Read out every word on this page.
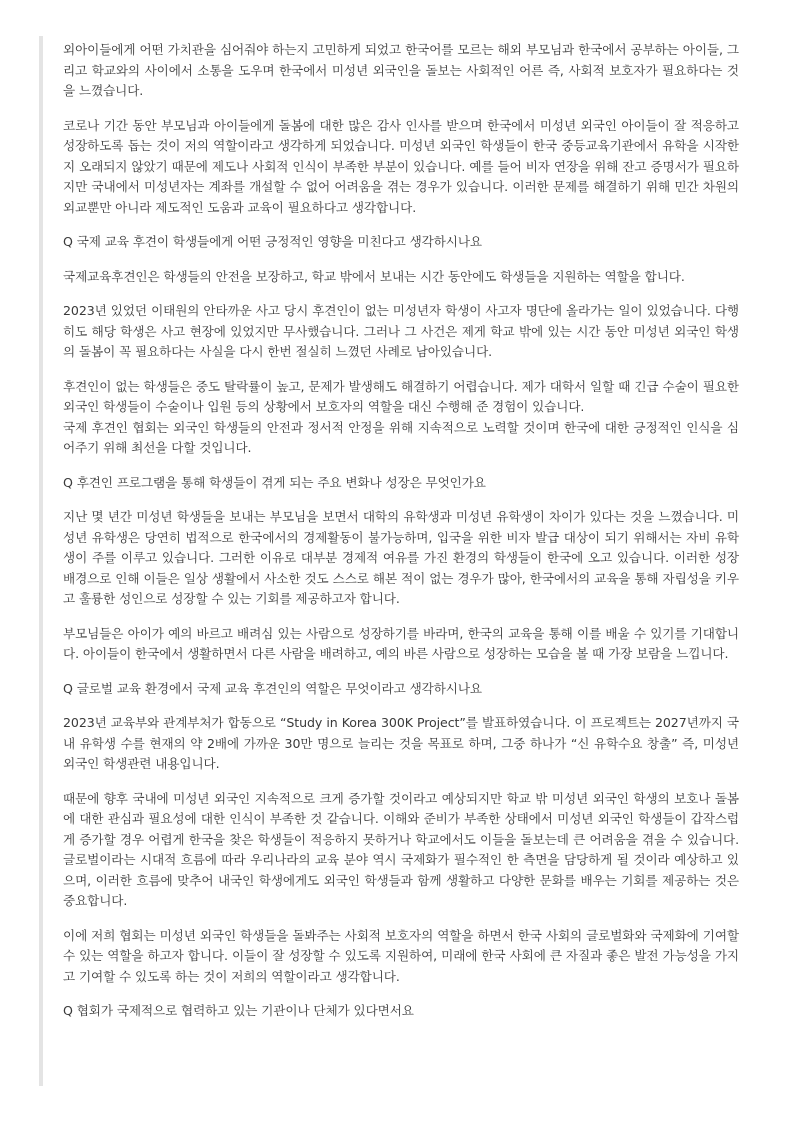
외아이들에게 어떤 가치관을 심어줘야 하는지 고민하게 되었고 한국어를 모르는 해외 부모님과 한국에서 공부하는 아이들, 그리고 학교와의 사이에서 소통을 도우며 한국에서 미성년 외국인을 돌보는 사회적인 어른 즉, 사회적 보호자가 필요하다는 것을 느꼈습니다.

코로나 기간 동안 부모님과 아이들에게 돌봄에 대한 많은 감사 인사를 받으며 한국에서 미성년 외국인 아이들이 잘 적응하고 성장하도록 돕는 것이 저의 역할이라고 생각하게 되었습니다. 미성년 외국인 학생들이 한국 중등교육기관에서 유학을 시작한 지 오래되지 않았기 때문에 제도나 사회적 인식이 부족한 부분이 있습니다. 예를 들어 비자 연장을 위해 잔고 증명서가 필요하지만 국내에서 미성년자는 계좌를 개설할 수 없어 어려움을 겪는 경우가 있습니다. 이러한 문제를 해결하기 위해 민간 차원의 외교뿐만 아니라 제도적인 도움과 교육이 필요하다고 생각합니다.

Q 국제 교육 후견이 학생들에게 어떤 긍정적인 영향을 미친다고 생각하시나요

국제교육후견인은 학생들의 안전을 보장하고, 학교 밖에서 보내는 시간 동안에도 학생들을 지원하는 역할을 합니다.

2023년 있었던 이태원의 안타까운 사고 당시 후견인이 없는 미성년자 학생이 사고자 명단에 올라가는 일이 있었습니다. 다행히도 해당 학생은 사고 현장에 있었지만 무사했습니다. 그러나 그 사건은 제게 학교 밖에 있는 시간 동안 미성년 외국인 학생의 돌봄이 꼭 필요하다는 사실을 다시 한번 절실히 느꼈던 사례로 남아있습니다.

후견인이 없는 학생들은 중도 탈락률이 높고, 문제가 발생해도 해결하기 어렵습니다. 제가 대학서 일할 때 긴급 수술이 필요한 외국인 학생들이 수술이나 입원 등의 상황에서 보호자의 역할을 대신 수행해 준 경험이 있습니다.
국제 후견인 협회는 외국인 학생들의 안전과 정서적 안정을 위해 지속적으로 노력할 것이며 한국에 대한 긍정적인 인식을 심어주기 위해 최선을 다할 것입니다.

Q 후견인 프로그램을 통해 학생들이 겪게 되는 주요 변화나 성장은 무엇인가요

지난 몇 년간 미성년 학생들을 보내는 부모님을 보면서 대학의 유학생과 미성년 유학생이 차이가 있다는 것을 느꼈습니다. 미성년 유학생은 당연히 법적으로 한국에서의 경제활동이 불가능하며, 입국을 위한 비자 발급 대상이 되기 위해서는 자비 유학생이 주를 이루고 있습니다. 그러한 이유로 대부분 경제적 여유를 가진 환경의 학생들이 한국에 오고 있습니다. 이러한 성장 배경으로 인해 이들은 일상 생활에서 사소한 것도 스스로 해본 적이 없는 경우가 많아, 한국에서의 교육을 통해 자립성을 키우고 훌륭한 성인으로 성장할 수 있는 기회를 제공하고자 합니다.

부모님들은 아이가 예의 바르고 배려심 있는 사람으로 성장하기를 바라며, 한국의 교육을 통해 이를 배울 수 있기를 기대합니다. 아이들이 한국에서 생활하면서 다른 사람을 배려하고, 예의 바른 사람으로 성장하는 모습을 볼 때 가장 보람을 느낍니다.

Q 글로벌 교육 환경에서 국제 교육 후견인의 역할은 무엇이라고 생각하시나요

2023년 교육부와 관계부처가 합동으로 “Study in Korea 300K Project”를 발표하였습니다. 이 프로젝트는 2027년까지 국내 유학생 수를 현재의 약 2배에 가까운 30만 명으로 늘리는 것을 목표로 하며, 그중 하나가 “신 유학수요 창출” 즉, 미성년 외국인 학생관련 내용입니다.

때문에 향후 국내에 미성년 외국인 지속적으로 크게 증가할 것이라고 예상되지만 학교 밖 미성년 외국인 학생의 보호나 돌봄에 대한 관심과 필요성에 대한 인식이 부족한 것 같습니다. 이해와 준비가 부족한 상태에서 미성년 외국인 학생들이 갑작스럽게 증가할 경우 어렵게 한국을 찾은 학생들이 적응하지 못하거나 학교에서도 이들을 돌보는데 큰 어려움을 겪을 수 있습니다. 글로벌이라는 시대적 흐름에 따라 우리나라의 교육 분야 역시 국제화가 필수적인 한 측면을 담당하게 될 것이라 예상하고 있으며, 이러한 흐름에 맞추어 내국인 학생에게도 외국인 학생들과 함께 생활하고 다양한 문화를 배우는 기회를 제공하는 것은 중요합니다.

이에 저희 협회는 미성년 외국인 학생들을 돌봐주는 사회적 보호자의 역할을 하면서 한국 사회의 글로벌화와 국제화에 기여할 수 있는 역할을 하고자 합니다. 이들이 잘 성장할 수 있도록 지원하여, 미래에 한국 사회에 큰 자질과 좋은 발전 가능성을 가지고 기여할 수 있도록 하는 것이 저희의 역할이라고 생각합니다.

Q 협회가 국제적으로 협력하고 있는 기관이나 단체가 있다면서요
